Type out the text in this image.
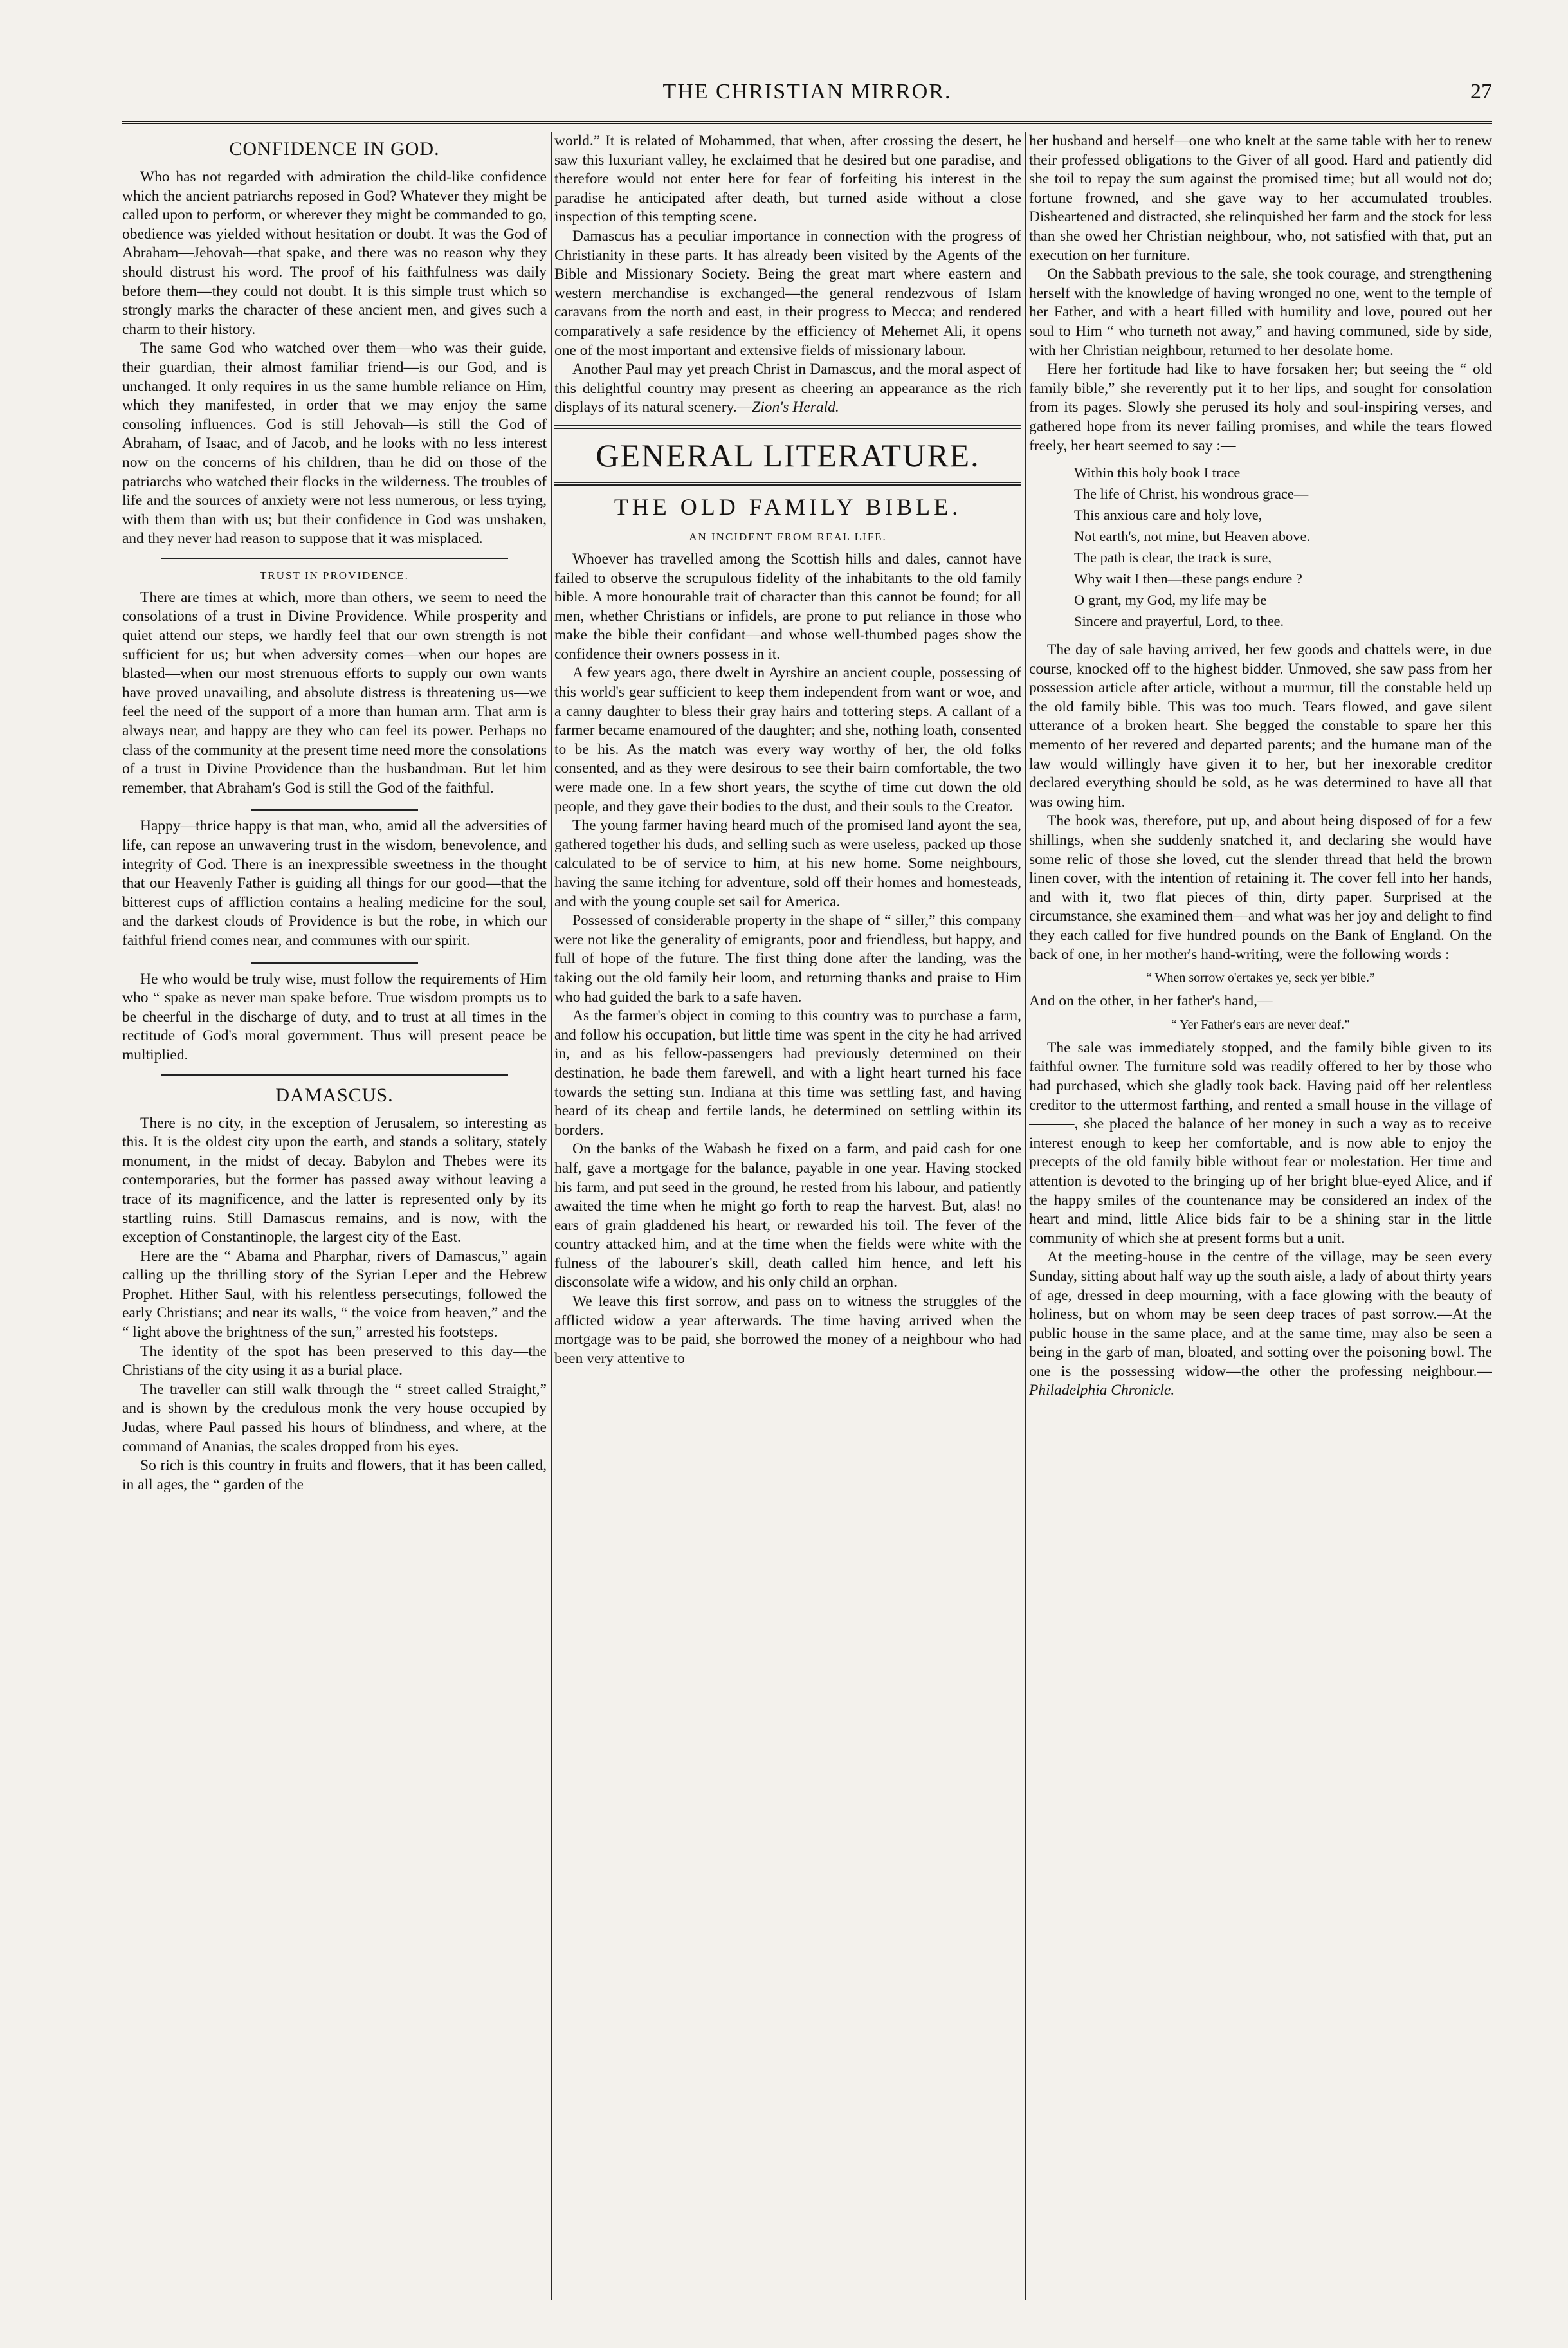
THE CHRISTIAN MIRROR.	27
CONFIDENCE IN GOD.

Who has not regarded with admiration the child-like confidence which the ancient patriarchs reposed in God? Whatever they might be called upon to perform, or wherever they might be commanded to go, obedience was yielded without hesitation or doubt. It was the God of Abraham—Jehovah—that spake, and there was no reason why they should distrust his word. The proof of his faithfulness was daily before them—they could not doubt. It is this simple trust which so strongly marks the character of these ancient men, and gives such a charm to their history.

The same God who watched over them—who was their guide, their guardian, their almost familiar friend—is our God, and is unchanged. It only requires in us the same humble reliance on Him, which they manifested, in order that we may enjoy the same consoling influences. God is still Jehovah—is still the God of Abraham, of Isaac, and of Jacob, and he looks with no less interest now on the concerns of his children, than he did on those of the patriarchs who watched their flocks in the wilderness. The troubles of life and the sources of anxiety were not less numerous, or less trying, with them than with us; but their confidence in God was unshaken, and they never had reason to suppose that it was misplaced.

TRUST IN PROVIDENCE.

There are times at which, more than others, we seem to need the consolations of a trust in Divine Providence. While prosperity and quiet attend our steps, we hardly feel that our own strength is not sufficient for us; but when adversity comes—when our hopes are blasted—when our most strenuous efforts to supply our own wants have proved unavailing, and absolute distress is threatening us—we feel the need of the support of a more than human arm. That arm is always near, and happy are they who can feel its power. Perhaps no class of the community at the present time need more the consolations of a trust in Divine Providence than the husbandman. But let him remember, that Abraham's God is still the God of the faithful.

Happy—thrice happy is that man, who, amid all the adversities of life, can repose an unwavering trust in the wisdom, benevolence, and integrity of God. There is an inexpressible sweetness in the thought that our Heavenly Father is guiding all things for our good—that the bitterest cups of affliction contains a healing medicine for the soul, and the darkest clouds of Providence is but the robe, in which our faithful friend comes near, and communes with our spirit.

He who would be truly wise, must follow the requirements of Him who “ spake as never man spake before. True wisdom prompts us to be cheerful in the discharge of duty, and to trust at all times in the rectitude of God's moral government. Thus will present peace be multiplied.

DAMASCUS.

There is no city, in the exception of Jerusalem, so interesting as this. It is the oldest city upon the earth, and stands a solitary, stately monument, in the midst of decay. Babylon and Thebes were its contemporaries, but the former has passed away without leaving a trace of its magnificence, and the latter is represented only by its startling ruins. Still Damascus remains, and is now, with the exception of Constantinople, the largest city of the East.

Here are the “ Abama and Pharphar, rivers of Damascus,” again calling up the thrilling story of the Syrian Leper and the Hebrew Prophet. Hither Saul, with his relentless persecutings, followed the early Christians; and near its walls, “ the voice from heaven,” and the “ light above the brightness of the sun,” arrested his footsteps.

The identity of the spot has been preserved to this day—the Christians of the city using it as a burial place.

The traveller can still walk through the “ street called Straight,” and is shown by the credulous monk the very house occupied by Judas, where Paul passed his hours of blindness, and where, at the command of Ananias, the scales dropped from his eyes.

So rich is this country in fruits and flowers, that it has been called, in all ages, the “ garden of the

world.” It is related of Mohammed, that when, after crossing the desert, he saw this luxuriant valley, he exclaimed that he desired but one paradise, and therefore would not enter here for fear of forfeiting his interest in the paradise he anticipated after death, but turned aside without a close inspection of this tempting scene.

Damascus has a peculiar importance in connection with the progress of Christianity in these parts. It has already been visited by the Agents of the Bible and Missionary Society. Being the great mart where eastern and western merchandise is exchanged—the general rendezvous of Islam caravans from the north and east, in their progress to Mecca; and rendered comparatively a safe residence by the efficiency of Mehemet Ali, it opens one of the most important and extensive fields of missionary labour.

Another Paul may yet preach Christ in Damascus, and the moral aspect of this delightful country may present as cheering an appearance as the rich displays of its natural scenery.—Zion's Herald.

GENERAL LITERATURE.
THE OLD FAMILY BIBLE.
AN INCIDENT FROM REAL LIFE.

Whoever has travelled among the Scottish hills and dales, cannot have failed to observe the scrupulous fidelity of the inhabitants to the old family bible. A more honourable trait of character than this cannot be found; for all men, whether Christians or infidels, are prone to put reliance in those who make the bible their confidant—and whose well-thumbed pages show the confidence their owners possess in it.

A few years ago, there dwelt in Ayrshire an ancient couple, possessing of this world's gear sufficient to keep them independent from want or woe, and a canny daughter to bless their gray hairs and tottering steps. A callant of a farmer became enamoured of the daughter; and she, nothing loath, consented to be his. As the match was every way worthy of her, the old folks consented, and as they were desirous to see their bairn comfortable, the two were made one. In a few short years, the scythe of time cut down the old people, and they gave their bodies to the dust, and their souls to the Creator.

The young farmer having heard much of the promised land ayont the sea, gathered together his duds, and selling such as were useless, packed up those calculated to be of service to him, at his new home. Some neighbours, having the same itching for adventure, sold off their homes and homesteads, and with the young couple set sail for America.

Possessed of considerable property in the shape of “ siller,” this company were not like the generality of emigrants, poor and friendless, but happy, and full of hope of the future. The first thing done after the landing, was the taking out the old family heir loom, and returning thanks and praise to Him who had guided the bark to a safe haven.

As the farmer's object in coming to this country was to purchase a farm, and follow his occupation, but little time was spent in the city he had arrived in, and as his fellow-passengers had previously determined on their destination, he bade them farewell, and with a light heart turned his face towards the setting sun. Indiana at this time was settling fast, and having heard of its cheap and fertile lands, he determined on settling within its borders.

On the banks of the Wabash he fixed on a farm, and paid cash for one half, gave a mortgage for the balance, payable in one year. Having stocked his farm, and put seed in the ground, he rested from his labour, and patiently awaited the time when he might go forth to reap the harvest. But, alas! no ears of grain gladdened his heart, or rewarded his toil. The fever of the country attacked him, and at the time when the fields were white with the fulness of the labourer's skill, death called him hence, and left his disconsolate wife a widow, and his only child an orphan.

We leave this first sorrow, and pass on to witness the struggles of the afflicted widow a year afterwards. The time having arrived when the mortgage was to be paid, she borrowed the money of a neighbour who had been very attentive to

her husband and herself—one who knelt at the same table with her to renew their professed obligations to the Giver of all good. Hard and patiently did she toil to repay the sum against the promised time; but all would not do; fortune frowned, and she gave way to her accumulated troubles. Disheartened and distracted, she relinquished her farm and the stock for less than she owed her Christian neighbour, who, not satisfied with that, put an execution on her furniture.

On the Sabbath previous to the sale, she took courage, and strengthening herself with the knowledge of having wronged no one, went to the temple of her Father, and with a heart filled with humility and love, poured out her soul to Him “ who turneth not away,” and having communed, side by side, with her Christian neighbour, returned to her desolate home.

Here her fortitude had like to have forsaken her; but seeing the “ old family bible,” she reverently put it to her lips, and sought for consolation from its pages. Slowly she perused its holy and soul-inspiring verses, and gathered hope from its never failing promises, and while the tears flowed freely, her heart seemed to say :—

Within this holy book I trace
The life of Christ, his wondrous grace—
This anxious care and holy love,
Not earth's, not mine, but Heaven above.
The path is clear, the track is sure,
Why wait I then—these pangs endure ?
O grant, my God, my life may be
Sincere and prayerful, Lord, to thee.

The day of sale having arrived, her few goods and chattels were, in due course, knocked off to the highest bidder. Unmoved, she saw pass from her possession article after article, without a murmur, till the constable held up the old family bible. This was too much. Tears flowed, and gave silent utterance of a broken heart. She begged the constable to spare her this memento of her revered and departed parents; and the humane man of the law would willingly have given it to her, but her inexorable creditor declared everything should be sold, as he was determined to have all that was owing him.

The book was, therefore, put up, and about being disposed of for a few shillings, when she suddenly snatched it, and declaring she would have some relic of those she loved, cut the slender thread that held the brown linen cover, with the intention of retaining it. The cover fell into her hands, and with it, two flat pieces of thin, dirty paper. Surprised at the circumstance, she examined them—and what was her joy and delight to find they each called for five hundred pounds on the Bank of England. On the back of one, in her mother's hand-writing, were the following words :

“ When sorrow o'ertakes ye, seck yer bible.”

And on the other, in her father's hand,—

“ Yer Father's ears are never deaf.”

The sale was immediately stopped, and the family bible given to its faithful owner. The furniture sold was readily offered to her by those who had purchased, which she gladly took back. Having paid off her relentless creditor to the uttermost farthing, and rented a small house in the village of ———, she placed the balance of her money in such a way as to receive interest enough to keep her comfortable, and is now able to enjoy the precepts of the old family bible without fear or molestation. Her time and attention is devoted to the bringing up of her bright blue-eyed Alice, and if the happy smiles of the countenance may be considered an index of the heart and mind, little Alice bids fair to be a shining star in the little community of which she at present forms but a unit.

At the meeting-house in the centre of the village, may be seen every Sunday, sitting about half way up the south aisle, a lady of about thirty years of age, dressed in deep mourning, with a face glowing with the beauty of holiness, but on whom may be seen deep traces of past sorrow.—At the public house in the same place, and at the same time, may also be seen a being in the garb of man, bloated, and sotting over the poisoning bowl. The one is the possessing widow—the other the professing neighbour.—Philadelphia Chronicle.
